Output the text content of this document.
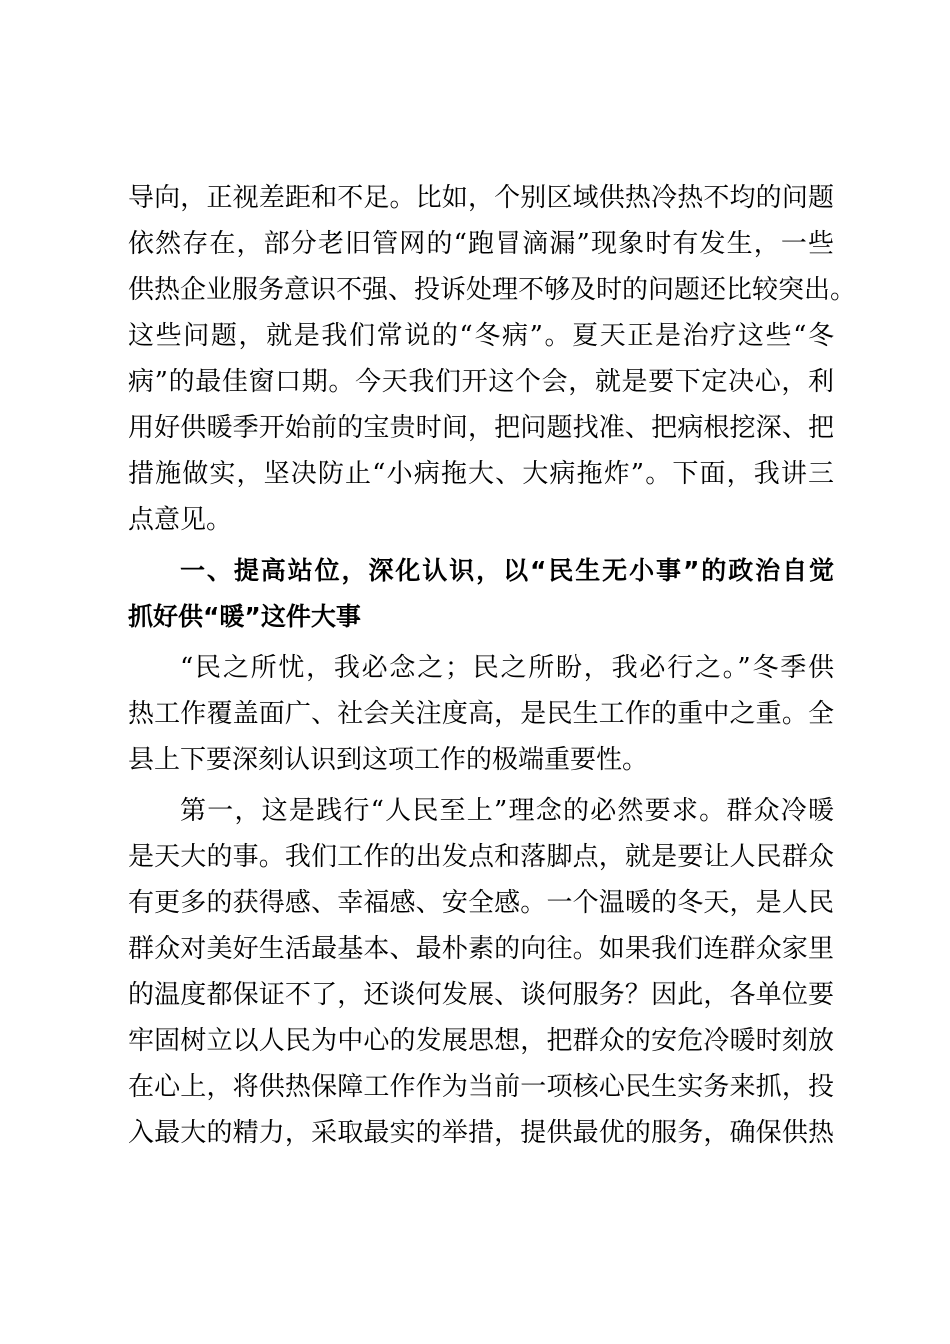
导向，正视差距和不足。比如，个别区域供热冷热不均的问题
依然存在，部分老旧管网的“跑冒滴漏”现象时有发生，一些
供热企业服务意识不强、投诉处理不够及时的问题还比较突出。
这些问题，就是我们常说的“冬病”。夏天正是治疗这些“冬
病”的最佳窗口期。今天我们开这个会，就是要下定决心，利
用好供暖季开始前的宝贵时间，把问题找准、把病根挖深、把
措施做实，坚决防止“小病拖大、大病拖炸”。下面，我讲三
点意见。
一、提高站位，深化认识，以“民生无小事”的政治自觉
抓好供“暖”这件大事
“民之所忧，我必念之；民之所盼，我必行之。”冬季供
热工作覆盖面广、社会关注度高，是民生工作的重中之重。全
县上下要深刻认识到这项工作的极端重要性。
第一，这是践行“人民至上”理念的必然要求。群众冷暖
是天大的事。我们工作的出发点和落脚点，就是要让人民群众
有更多的获得感、幸福感、安全感。一个温暖的冬天，是人民
群众对美好生活最基本、最朴素的向往。如果我们连群众家里
的温度都保证不了，还谈何发展、谈何服务？因此，各单位要
牢固树立以人民为中心的发展思想，把群众的安危冷暖时刻放
在心上，将供热保障工作作为当前一项核心民生实务来抓，投
入最大的精力，采取最实的举措，提供最优的服务，确保供热
